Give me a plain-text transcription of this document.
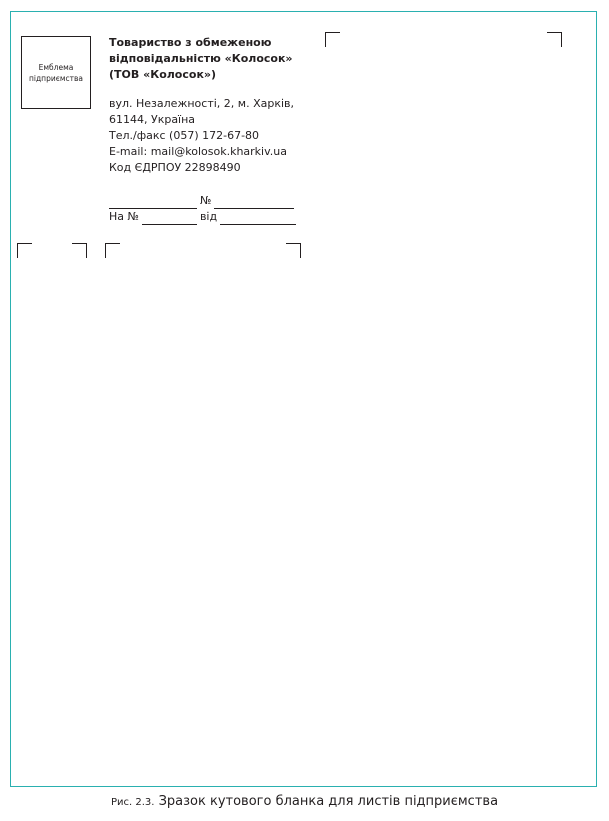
Емблема
підприємства
Товариство з обмеженою
відповідальністю «Колосок»
(ТОВ «Колосок»)
вул. Незалежності, 2, м. Харків,
61144, Україна
Тел./факс (057) 172-67-80
E-mail: mail@kolosok.kharkiv.ua
Код ЄДРПОУ 22898490
№
На №	від
Рис. 2.3. Зразок кутового бланка для листів підприємства
